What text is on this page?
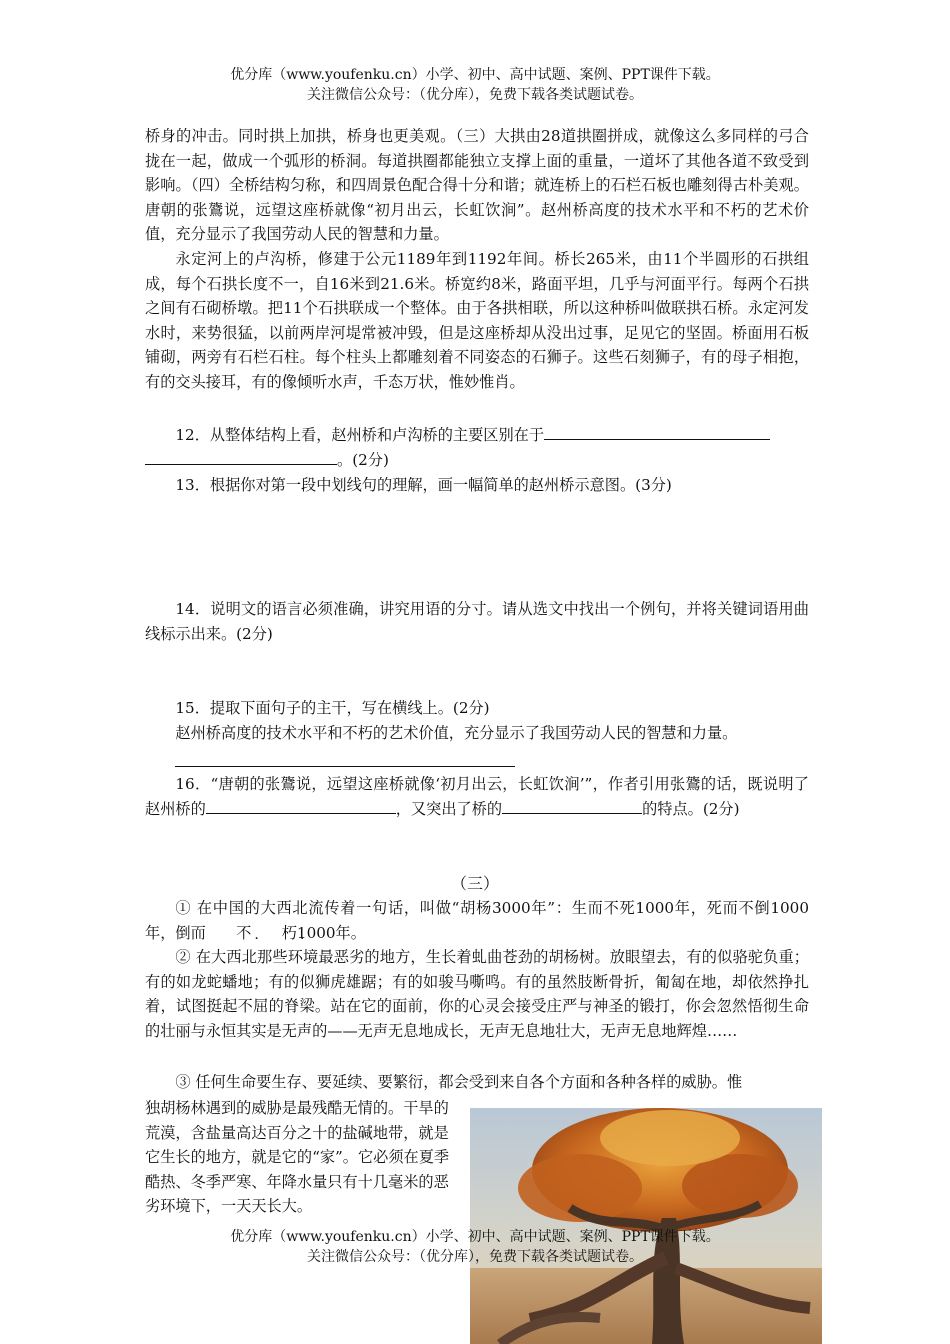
优分库（www.youfenku.cn）小学、初中、高中试题、案例、PPT课件下载。
关注微信公众号：（优分库），免费下载各类试题试卷。

桥身的冲击。同时拱上加拱，桥身也更美观。（三）大拱由28道拱圈拼成，就像这么多同样的弓合拢在一起，做成一个弧形的桥洞。每道拱圈都能独立支撑上面的重量，一道坏了其他各道不致受到影响。（四）全桥结构匀称，和四周景色配合得十分和谐；就连桥上的石栏石板也雕刻得古朴美观。唐朝的张鷟说，远望这座桥就像“初月出云，长虹饮涧”。赵州桥高度的技术水平和不朽的艺术价值，充分显示了我国劳动人民的智慧和力量。

永定河上的卢沟桥，修建于公元1189年到1192年间。桥长265米，由11个半圆形的石拱组成，每个石拱长度不一，自16米到21.6米。桥宽约8米，路面平坦，几乎与河面平行。每两个石拱之间有石砌桥墩。把11个石拱联成一个整体。由于各拱相联，所以这种桥叫做联拱石桥。永定河发水时，来势很猛，以前两岸河堤常被冲毁，但是这座桥却从没出过事，足见它的坚固。桥面用石板铺砌，两旁有石栏石柱。每个柱头上都雕刻着不同姿态的石狮子。这些石刻狮子，有的母子相抱，有的交头接耳，有的像倾听水声，千态万状，惟妙惟肖。

12．从整体结构上看，赵州桥和卢沟桥的主要区别在于
。(2分)

13．根据你对第一段中划线句的理解，画一幅简单的赵州桥示意图。(3分)

14．说明文的语言必须准确，讲究用语的分寸。请从选文中找出一个例句，并将关键词语用曲线标示出来。(2分)

15．提取下面句子的主干，写在横线上。(2分)

赵州桥高度的技术水平和不朽的艺术价值，充分显示了我国劳动人民的智慧和力量。

16．“唐朝的张鷟说，远望这座桥就像‘初月出云，长虹饮涧’”，作者引用张鷟的话，既说明了赵州桥的	，又突出了桥的	的特点。(2分)

（三）

① 在中国的大西北流传着一句话，叫做“胡杨3000年”：生而不死1000年，死而不倒1000年，倒而 不 · 朽 ·1000年。

② 在大西北那些环境最恶劣的地方，生长着虬曲苍劲的胡杨树。放眼望去，有的似骆驼负重；有的如龙蛇蟠地；有的似狮虎雄踞；有的如骏马嘶鸣。有的虽然肢断骨折，匍匐在地，却依然挣扎着，试图挺起不屈的脊梁。站在它的面前，你的心灵会接受庄严与神圣的锻打，你会忽然悟彻生命的壮丽与永恒其实是无声的——无声无息地成长，无声无息地壮大，无声无息地辉煌……

③ 任何生命要生存、要延续、要繁衍，都会受到来自各个方面和各种各样的威胁。惟

独胡杨林遇到的威胁是最残酷无情的。干旱的荒漠，含盐量高达百分之十的盐碱地带，就是它生长的地方，就是它的“家”。它必须在夏季酷热、冬季严寒、年降水量只有十几毫米的恶劣环境下，一天天长大。

优分库（www.youfenku.cn）小学、初中、高中试题、案例、PPT课件下载。
关注微信公众号：（优分库），免费下载各类试题试卷。
